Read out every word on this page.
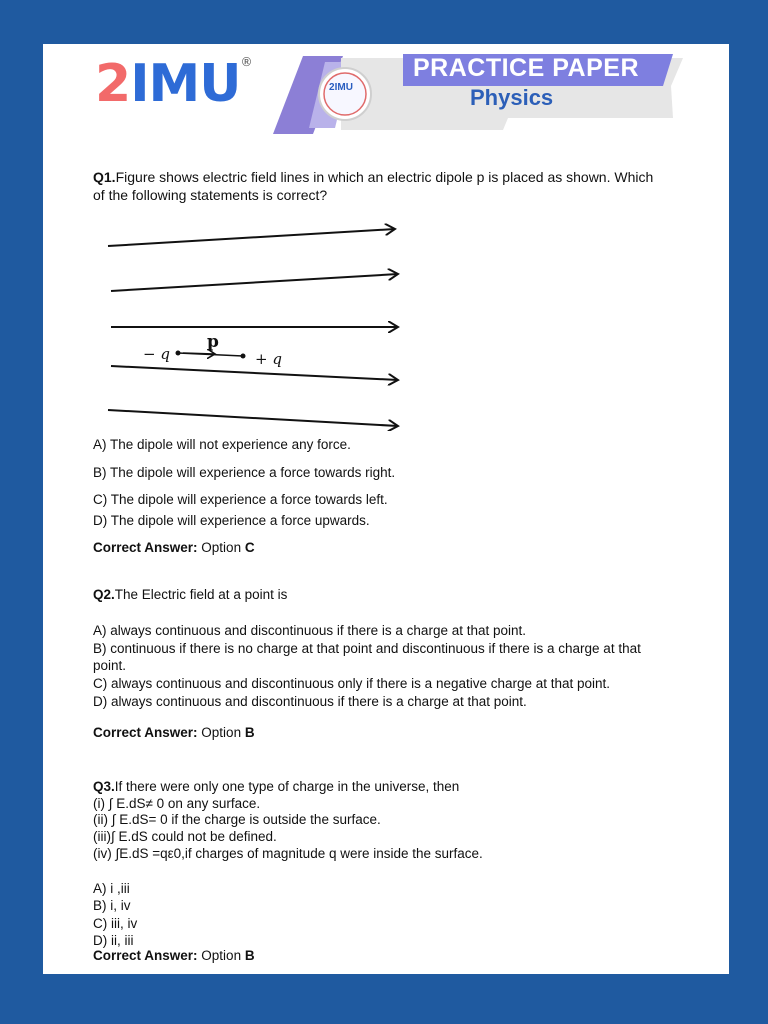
2IMU®
2IMU
PRACTICE PAPER
Physics
Q1.Figure shows electric field lines in which an electric dipole p is placed as shown. Which
of the following statements is correct?
− q	+ q
p
A) The dipole will not experience any force.
B) The dipole will experience a force towards right.
C) The dipole will experience a force towards left.
D) The dipole will experience a force upwards.
Correct Answer: Option C
Q2.The Electric field at a point is
A) always continuous and discontinuous if there is a charge at that point.
B) continuous if there is no charge at that point and discontinuous if there is a charge at that
point.
C) always continuous and discontinuous only if there is a negative charge at that point.
D) always continuous and discontinuous if there is a charge at that point.
Correct Answer: Option B
Q3.If there were only one type of charge in the universe, then
(i) ∫ E.dS≠ 0 on any surface.
(ii) ∫ E.dS= 0 if the charge is outside the surface.
(iii)∫ E.dS could not be defined.
(iv) ∫E.dS =qε0,if charges of magnitude q were inside the surface.
A) i ,iii
B) i, iv
C) iii, iv
D) ii, iii
Correct Answer: Option B
